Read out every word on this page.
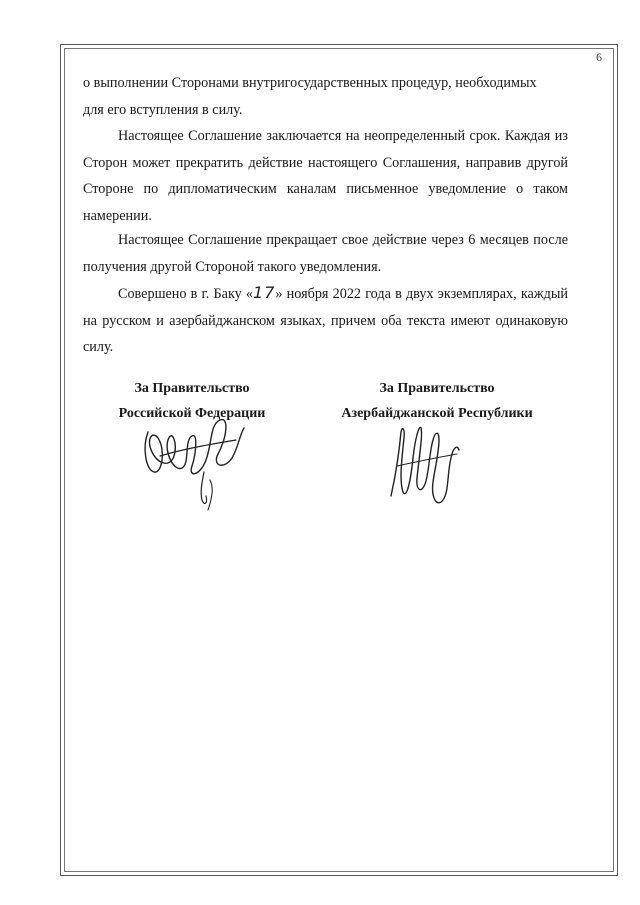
6

о выполнении Сторонами внутригосударственных процедур, необходимых

для его вступления в силу.

Настоящее Соглашение заключается на неопределенный срок. Каждая из Сторон может прекратить действие настоящего Соглашения, направив другой Стороне по дипломатическим каналам письменное уведомление о таком намерении.

Настоящее Соглашение прекращает свое действие через 6 месяцев после получения другой Стороной такого уведомления.

Совершено в г. Баку «17» ноября 2022 года в двух экземплярах, каждый на русском и азербайджанском языках, причем оба текста имеют одинаковую силу.

За Правительство
Российской Федерации
За Правительство
Азербайджанской Республики
